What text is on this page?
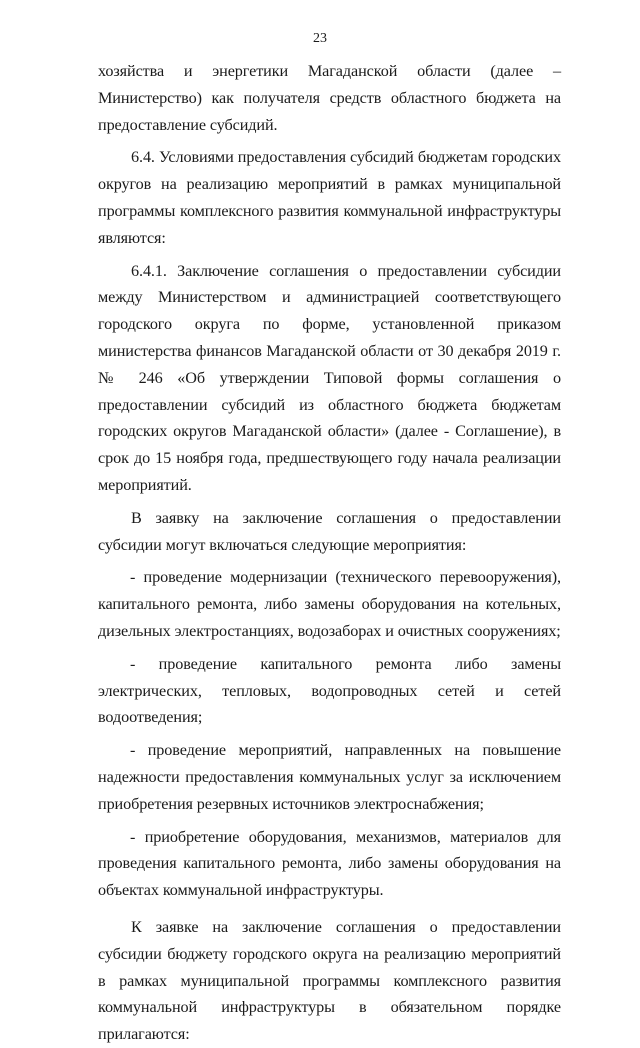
23

хозяйства и энергетики Магаданской области (далее – Министерство) как получателя средств областного бюджета на предоставление субсидий.

6.4. Условиями предоставления субсидий бюджетам городских округов на реализацию мероприятий в рамках муниципальной программы комплексного развития коммунальной инфраструктуры являются:

6.4.1. Заключение соглашения о предоставлении субсидии между Министерством и администрацией соответствующего городского округа по форме, установленной приказом министерства финансов Магаданской области от 30 декабря 2019 г. № 246 «Об утверждении Типовой формы соглашения о предоставлении субсидий из областного бюджета бюджетам городских округов Магаданской области» (далее - Соглашение), в срок до 15 ноября года, предшествующего году начала реализации мероприятий.

В заявку на заключение соглашения о предоставлении субсидии могут включаться следующие мероприятия:

- проведение модернизации (технического перевооружения), капитального ремонта, либо замены оборудования на котельных, дизельных электростанциях, водозаборах и очистных сооружениях;

- проведение капитального ремонта либо замены электрических, тепловых, водопроводных сетей и сетей водоотведения;

- проведение мероприятий, направленных на повышение надежности предоставления коммунальных услуг за исключением приобретения резервных источников электроснабжения;

- приобретение оборудования, механизмов, материалов для проведения капитального ремонта, либо замены оборудования на объектах коммунальной инфраструктуры.

К заявке на заключение соглашения о предоставлении субсидии бюджету городского округа на реализацию мероприятий в рамках муниципальной программы комплексного развития коммунальной инфраструктуры в обязательном порядке прилагаются:
